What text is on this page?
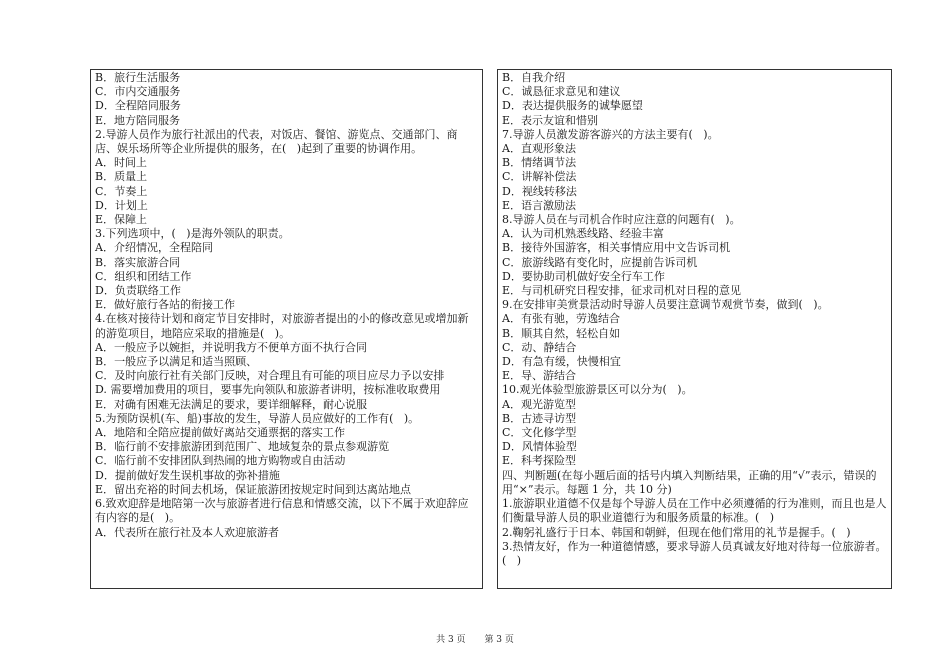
B．旅行生活服务
C．市内交通服务
D．全程陪同服务
E．地方陪同服务
2.导游人员作为旅行社派出的代表，对饭店、餐馆、游览点、交通部门、商店、娱乐场所等企业所提供的服务，在(   )起到了重要的协调作用。
A．时间上
B．质量上
C．节奏上
D．计划上
E．保障上
3.下列选项中，(   )是海外领队的职责。
A．介绍情况，全程陪同
B．落实旅游合同
C．组织和团结工作
D．负责联络工作
E．做好旅行各站的衔接工作
4.在核对接待计划和商定节目安排时，对旅游者提出的小的修改意见或增加新的游览项目，地陪应采取的措施是(   )。
A．一般应予以婉拒，并说明我方不便单方面不执行合同
B．一般应予以满足和适当照顾、
C．及时向旅行社有关部门反映，对合理且有可能的项目应尽力予以安排
D. 需要增加费用的项目，要事先向领队和旅游者讲明，按标准收取费用
E．对确有困难无法满足的要求，要详细解释，耐心说服
5.为预防误机(车、船)事故的发生，导游人员应做好的工作有(   )。
A．地陪和全陪应提前做好离站交通票据的落实工作
B．临行前不安排旅游团到范围广、地域复杂的景点参观游览
C．临行前不安排团队到热闹的地方购物或自由活动
D．提前做好发生误机事故的弥补措施
E．留出充裕的时间去机场，保证旅游团按规定时间到达离站地点
6.致欢迎辞是地陪第一次与旅游者进行信息和情感交流，以下不属于欢迎辞应有内容的是(   )。
A．代表所在旅行社及本人欢迎旅游者
B．自我介绍
C．诚恳征求意见和建议
D．表达提供服务的诚挚愿望
E．表示友谊和惜别
7.导游人员激发游客游兴的方法主要有(   )。
A．直观形象法
B．情绪调节法
C．讲解补偿法
D．视线转移法
E．语言激励法
8.导游人员在与司机合作时应注意的问题有(   )。
A．认为司机熟悉线路、经验丰富
B．接待外国游客，相关事情应用中文告诉司机
C．旅游线路有变化时，应提前告诉司机
D．要协助司机做好安全行车工作
E．与司机研究日程安排，征求司机对日程的意见
9.在安排审美赏景活动时导游人员要注意调节观赏节奏，做到(   )。
A．有张有驰，劳逸结合
B．顺其自然，轻松自如
C．动、静结合
D．有急有缓，快慢相宜
E．导、游结合
10.观光体验型旅游景区可以分为(   )。
A．观光游览型
B．古迹寻访型
C．文化修学型
D．风情体验型
E．科考探险型
四、判断题(在每小题后面的括号内填入判断结果，正确的用“√”表示，错误的用“×”表示。每题 1 分，共 10 分)
1.旅游职业道德不仅是每个导游人员在工作中必须遵循的行为准则，而且也是人们衡量导游人员的职业道德行为和服务质量的标准。(   )
2.鞠躬礼盛行于日本、韩国和朝鲜，但现在他们常用的礼节是握手。(   )
3.热情友好，作为一种道德情感，要求导游人员真诚友好地对待每一位旅游者。(   )
共 3 页 第 3 页
